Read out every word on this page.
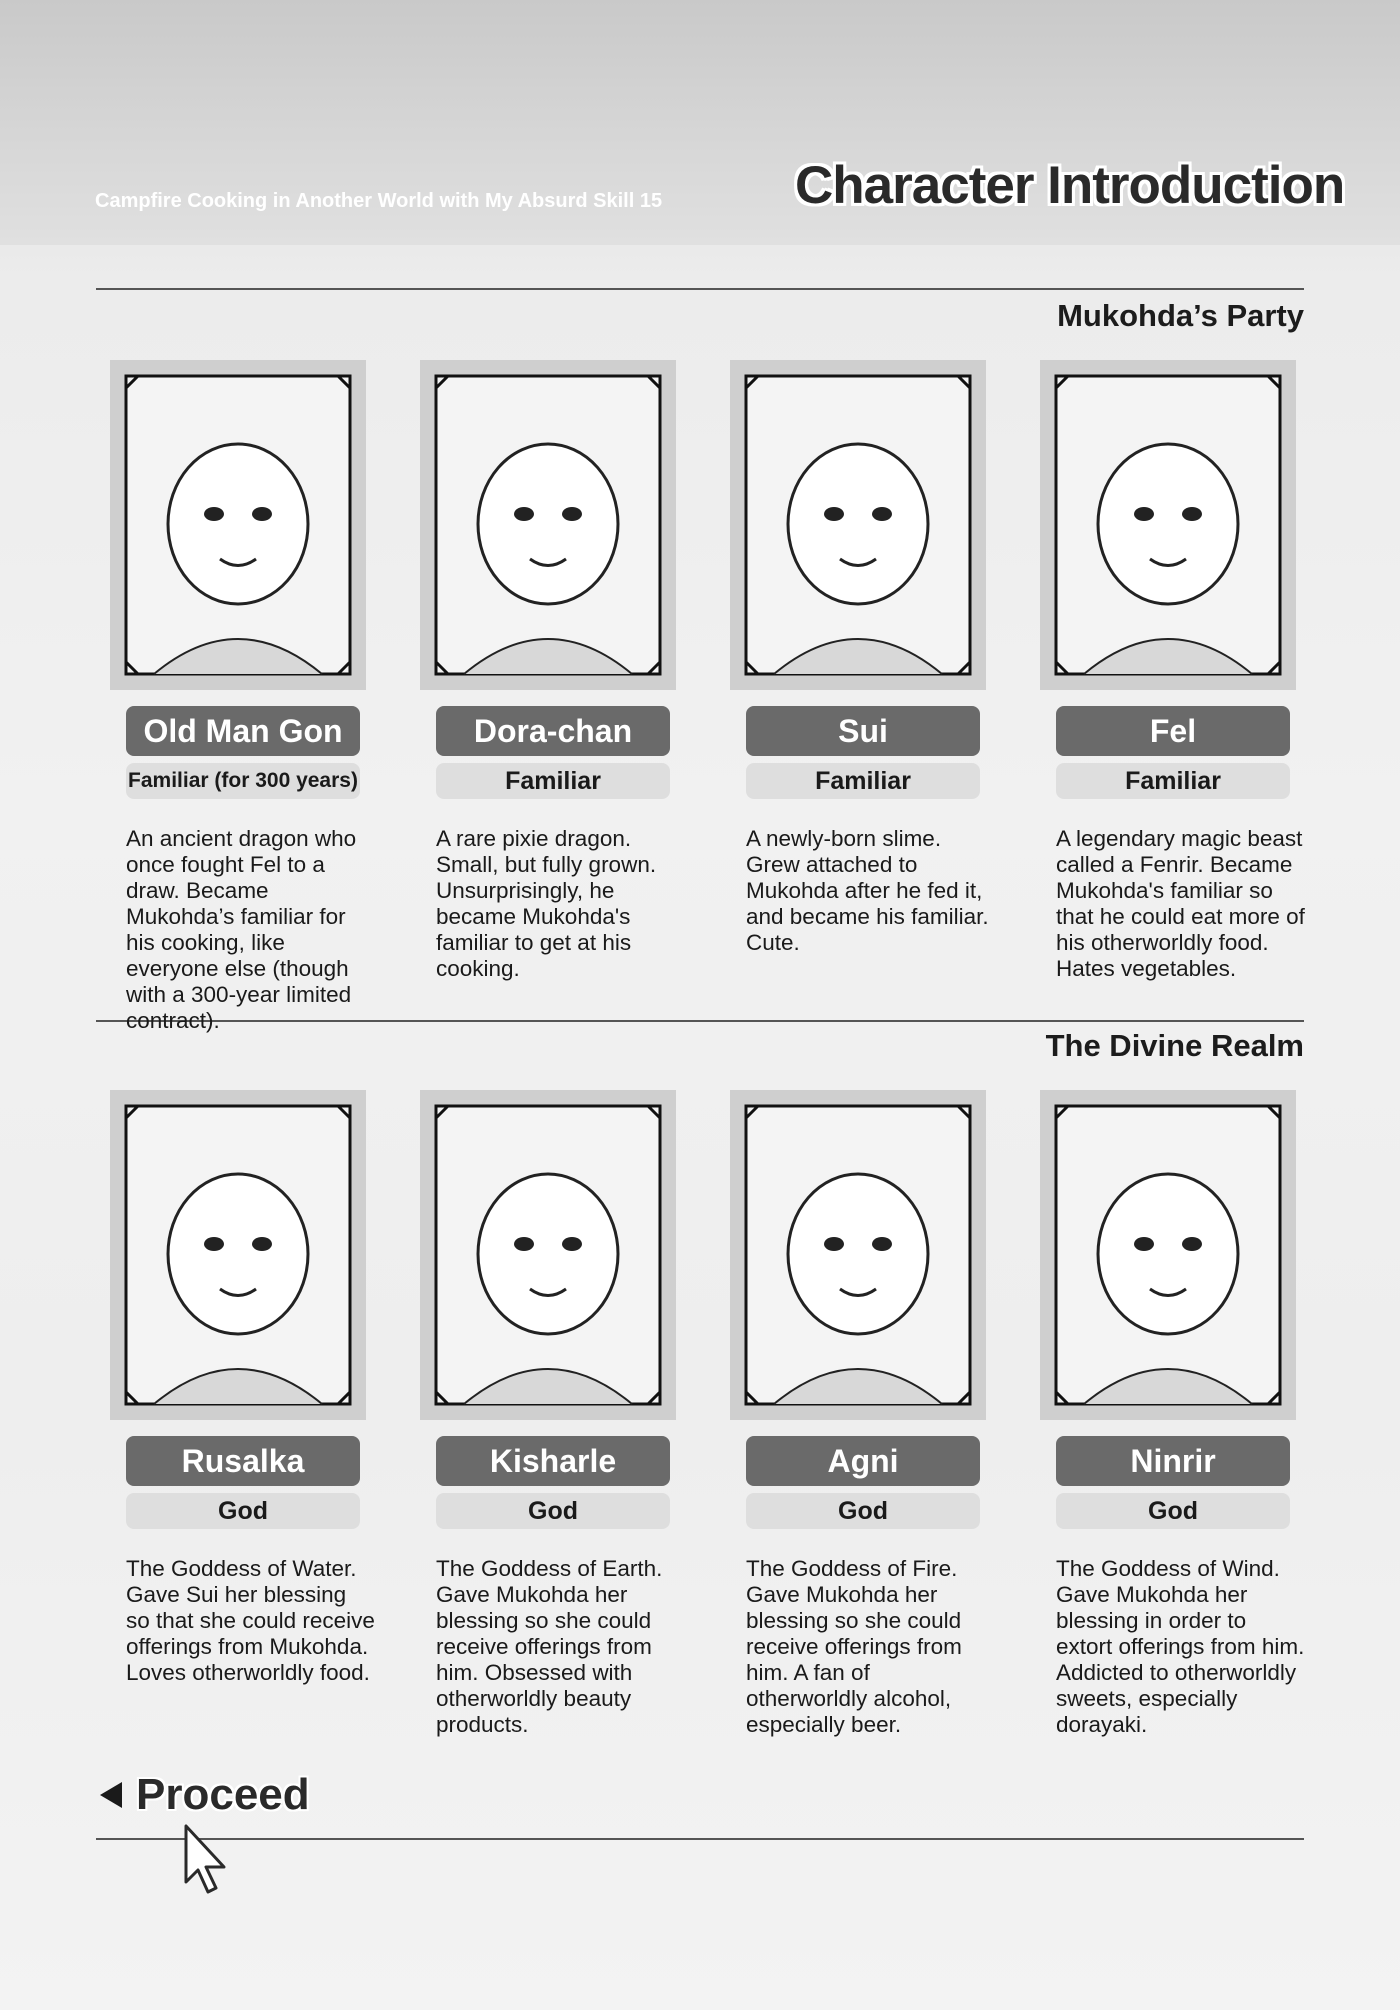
Campfire Cooking in Another World with My Absurd Skill 15	Character Introduction
Mukohda’s Party
The Divine Realm
Old Man Gon
Familiar (for 300 years)
An ancient dragon who once fought Fel to a draw. Became Mukohda’s familiar for his cooking, like everyone else (though with a 300-year limited contract).
Dora-chan
Familiar
A rare pixie dragon. Small, but fully grown. Unsurprisingly, he became Mukohda's familiar to get at his cooking.
Sui
Familiar
A newly-born slime. Grew attached to Mukohda after he fed it, and became his familiar. Cute.
Fel
Familiar
A legendary magic beast called a Fenrir. Became Mukohda's familiar so that he could eat more of his otherworldly food. Hates vegetables.
Rusalka
God
The Goddess of Water. Gave Sui her blessing so that she could receive offerings from Mukohda. Loves otherworldly food.
Kisharle
God
The Goddess of Earth. Gave Mukohda her blessing so she could receive offerings from him. Obsessed with otherworldly beauty products.
Agni
God
The Goddess of Fire. Gave Mukohda her blessing so she could receive offerings from him. A fan of otherworldly alcohol, especially beer.
Ninrir
God
The Goddess of Wind. Gave Mukohda her blessing in order to extort offerings from him. Addicted to otherworldly sweets, especially dorayaki.
Proceed
